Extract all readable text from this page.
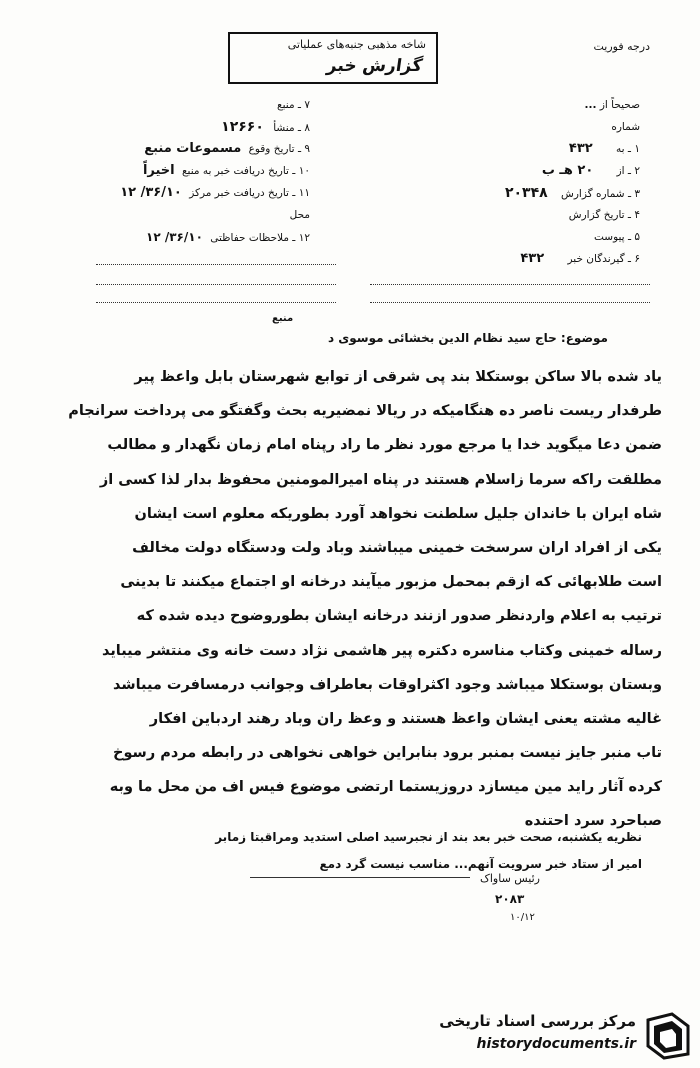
شاخه مذهبی جنبه‌های عملیاتی
گزارش خبر
درجه فوریت
۷ ـ منبع
۸ ـ منشأ ۱۲۶۶۰
۹ ـ تاریخ وقوع مسموعات منبع
۱۰ ـ تاریخ دریافت خبر به منبع اخیراً
۱۱ ـ تاریخ دریافت خبر مرکز ۳۶/۱۰/ ۱۲
محل
۱۲ ـ ملاحظات حفاظتی ۳۶/۱۰/ ۱۲
صحیحاً از ...
شماره
۱ ـ به ۴۳۲
۲ ـ از ۲۰ هـ ب
۳ ـ شماره گزارش ۲۰۳۴۸
۴ ـ تاریخ گزارش
۵ ـ پیوست
۶ ـ گیرندگان خبر ۴۳۲
منبع
موضوع: حاج سید نظام الدین بخشائی موسوی د

یاد شده بالا ساکن بوستکلا بند پی شرقی از توابع شهرستان بابل واعظ پیر

طرفدار ریست ناصر ده هنگامیکه در ریالا نمضیریه بحث وگفتگو می پرداخت سرانجام

ضمن دعا میگوید خدا یا مرجع مورد نظر ما راد رپناه امام زمان نگهدار و مطالب

مطلقت راکه سرما زاسلام هستند در پناه امیرالمومنین محفوظ بدار لذا کسی از

شاه ایران با خاندان جلیل سلطنت نخواهد آورد بطوریکه معلوم است ایشان

یکی از افراد اران سرسخت خمینی میباشند وباد ولت ودستگاه دولت مخالف

است طلابهائی که ازقم بمحمل مزبور میآیند درخانه او اجتماع میکنند تا بدینی

ترتیب به اعلام واردنظر صدور ازنند درخانه ایشان بطوروضوح دیده شده که

رساله خمینی وکتاب مناسره دکتره پیر هاشمی نژاد دست خانه وی منتشر میباید

وبستان بوستکلا میباشد وجود اکثراوقات بعاطراف وجوانب درمسافرت میباشد

غالیه مشته یعنی ایشان واعظ هستند و وعظ ران وباد رهند اردباین افکار

تاب منبر جایز نیست بمنبر برود بنابراین خواهی نخواهی در رابطه مردم رسوخ

کرده آثار راید مین میسازد دروزیستما ارتضی موضوع فیس اف من محل ما وبه

صباحرد سرد احتنده

نظریه یکشنبه، صحت خبر بعد بند از نجبرسید اصلی استدید ومراقبتا زمابر

امیر از ستاد خبر سرویت آنهم... مناسب نیست گرد دمع

رئیس ساواک
۲۰۸۳
۱۰/۱۲
مرکز بررسی اسناد تاریخی
historydocuments.ir
